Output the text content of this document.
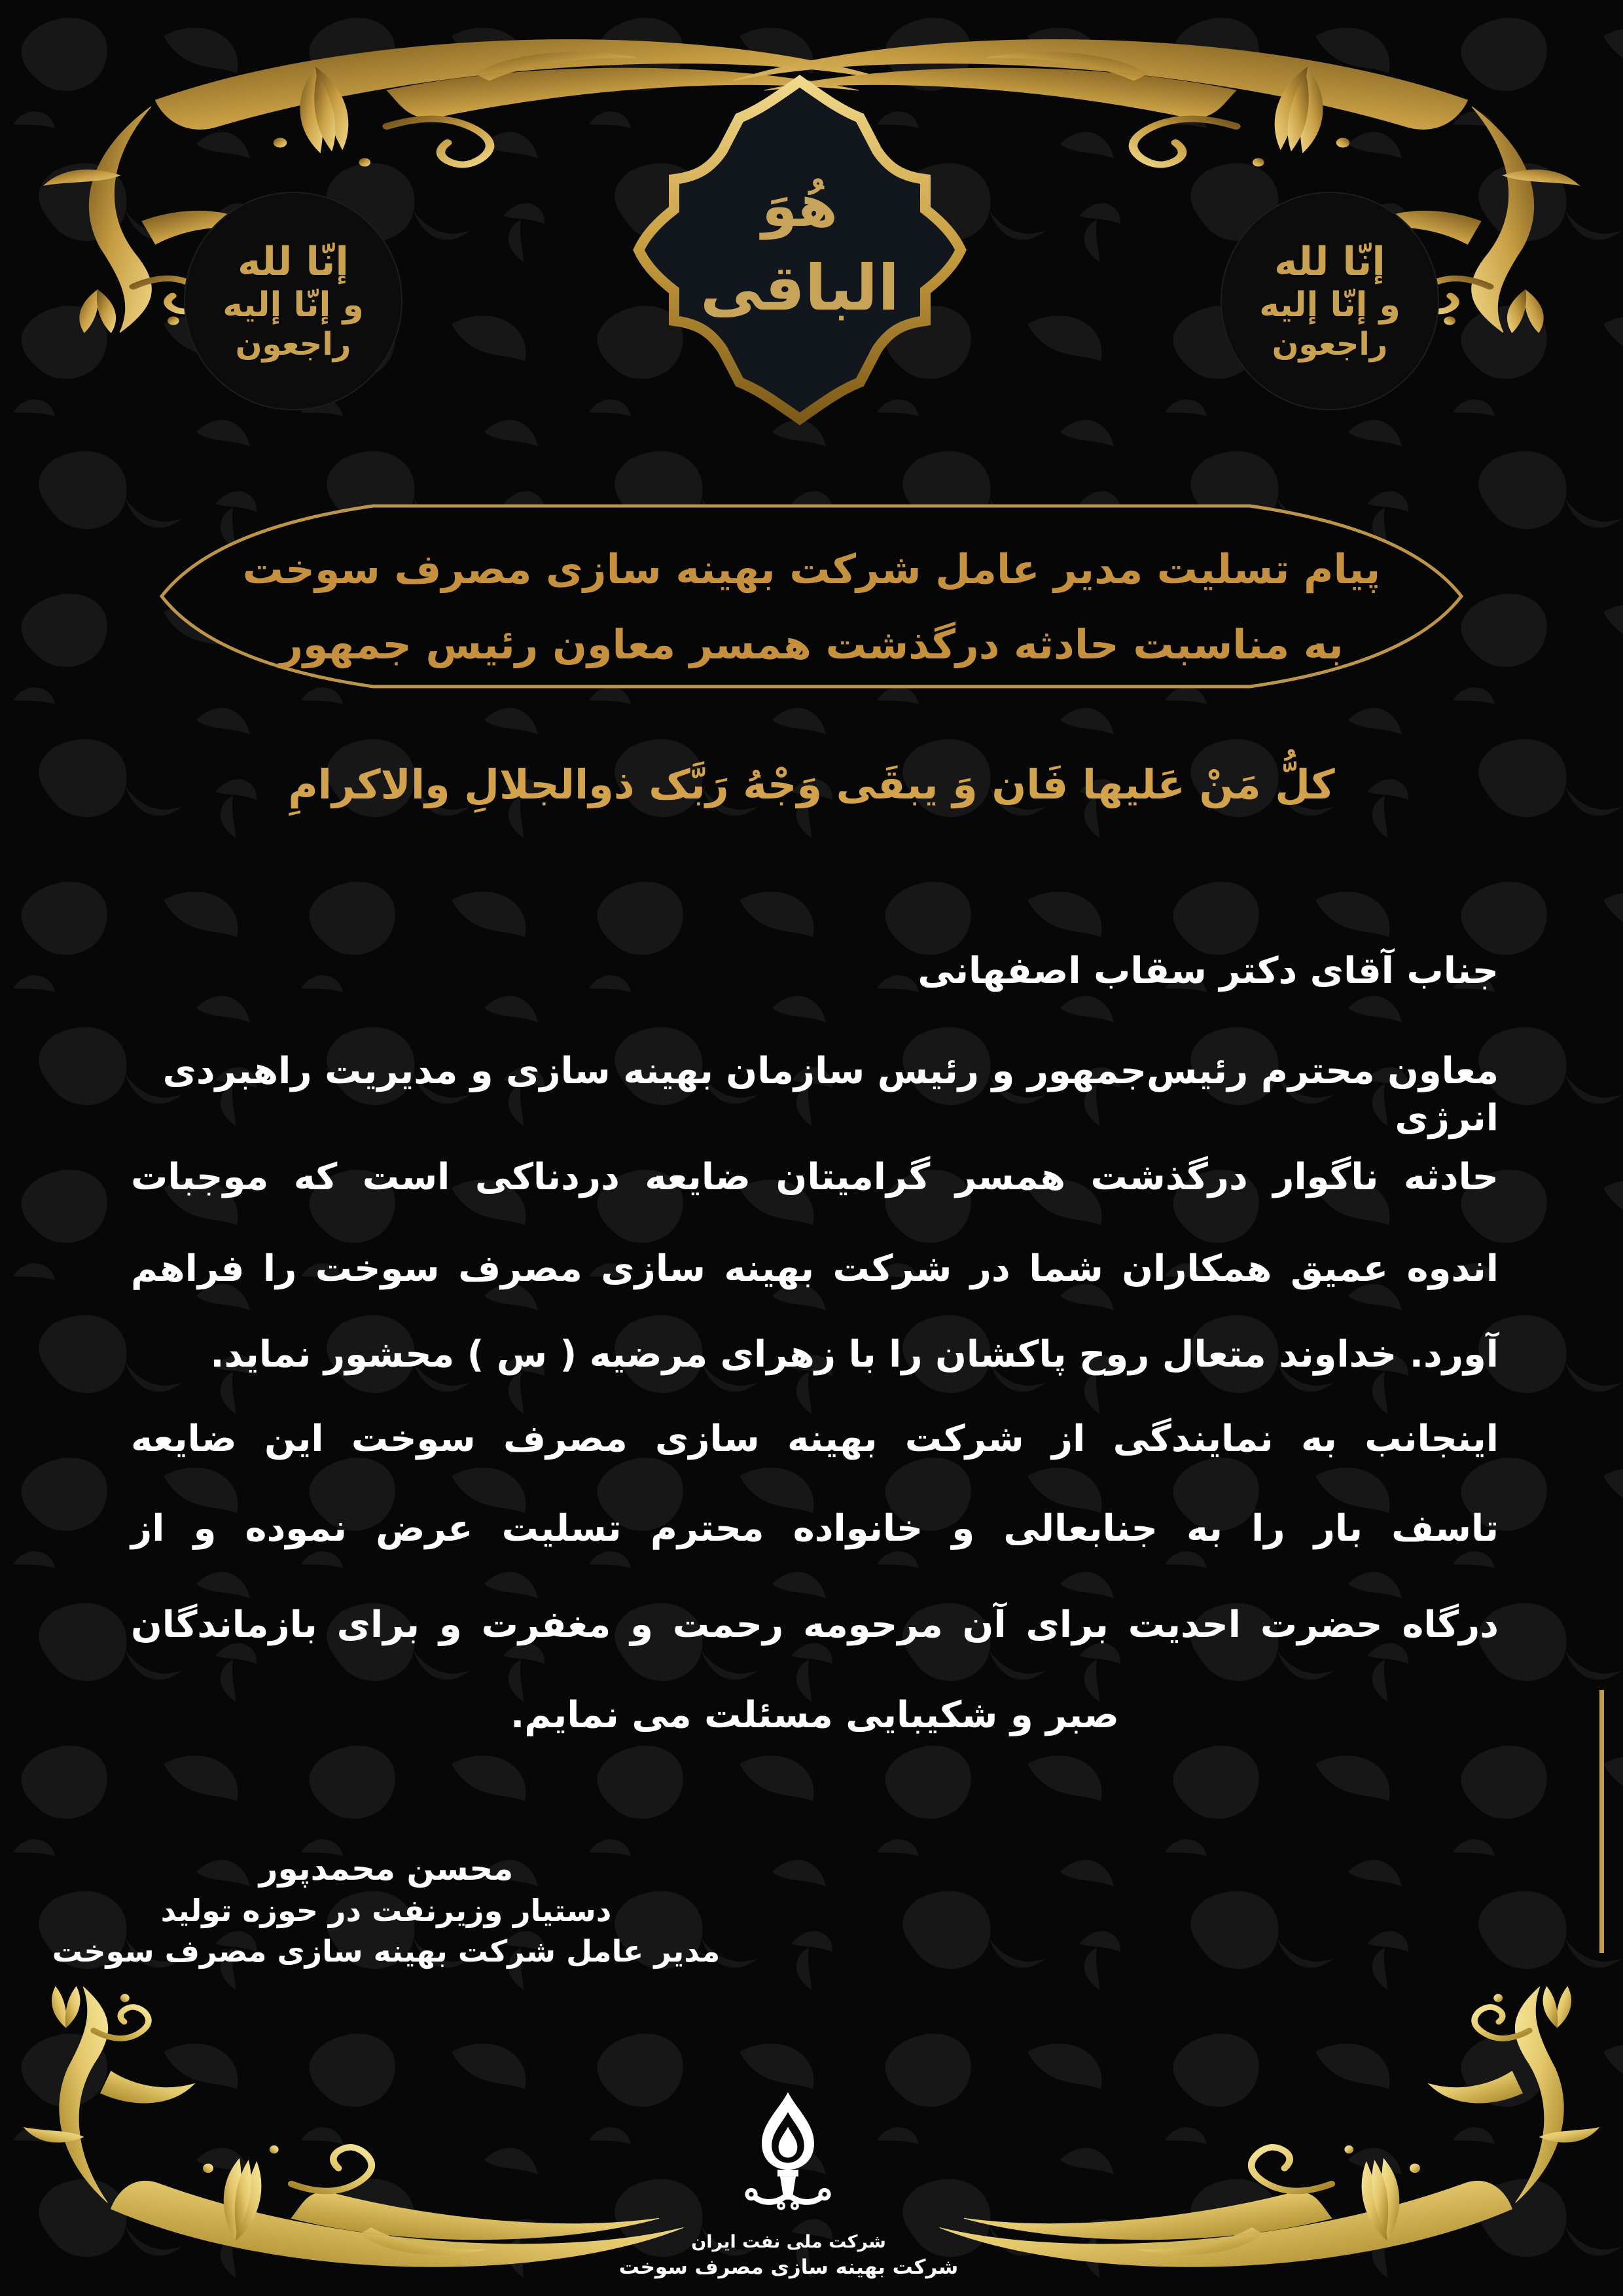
إنّا لله
و إنّا إلیه
راجعون
إنّا لله
و إنّا إلیه
راجعون
هُوَ
الباقی
پیام تسلیت مدیر عامل شرکت بهینه سازی مصرف سوخت
به مناسبت حادثه درگذشت همسر معاون رئیس جمهور
کلُّ مَنْ عَلیها فَان وَ یبقَی وَجْهُ رَبَّک ذوالجلالِ والاکرامِ
جناب آقای دکتر سقاب اصفهانی
معاون محترم رئیس‌جمهور و رئیس سازمان بهینه سازی و مدیریت راهبردی انرژی
حادثه ناگوار درگذشت همسر گرامیتان ضایعه دردناکی است که موجبات
اندوه عمیق همکاران شما در شرکت بهینه سازی مصرف سوخت را فراهم
آورد. خداوند متعال روح پاکشان را با زهرای مرضیه ( س ) محشور نماید.
اینجانب به نمایندگی از شرکت بهینه سازی مصرف سوخت این ضایعه
تاسف بار را به جنابعالی و خانواده محترم تسلیت عرض نموده و از
درگاه حضرت احدیت برای آن مرحومه رحمت و مغفرت و برای بازماندگان
صبر و شکیبایی مسئلت می نمایم.
محسن محمدپور
دستیار وزیرنفت در حوزه تولید
مدیر عامل شرکت بهینه سازی مصرف سوخت
شرکت ملی نفت ایران
شرکت بهینه سازی مصرف سوخت
